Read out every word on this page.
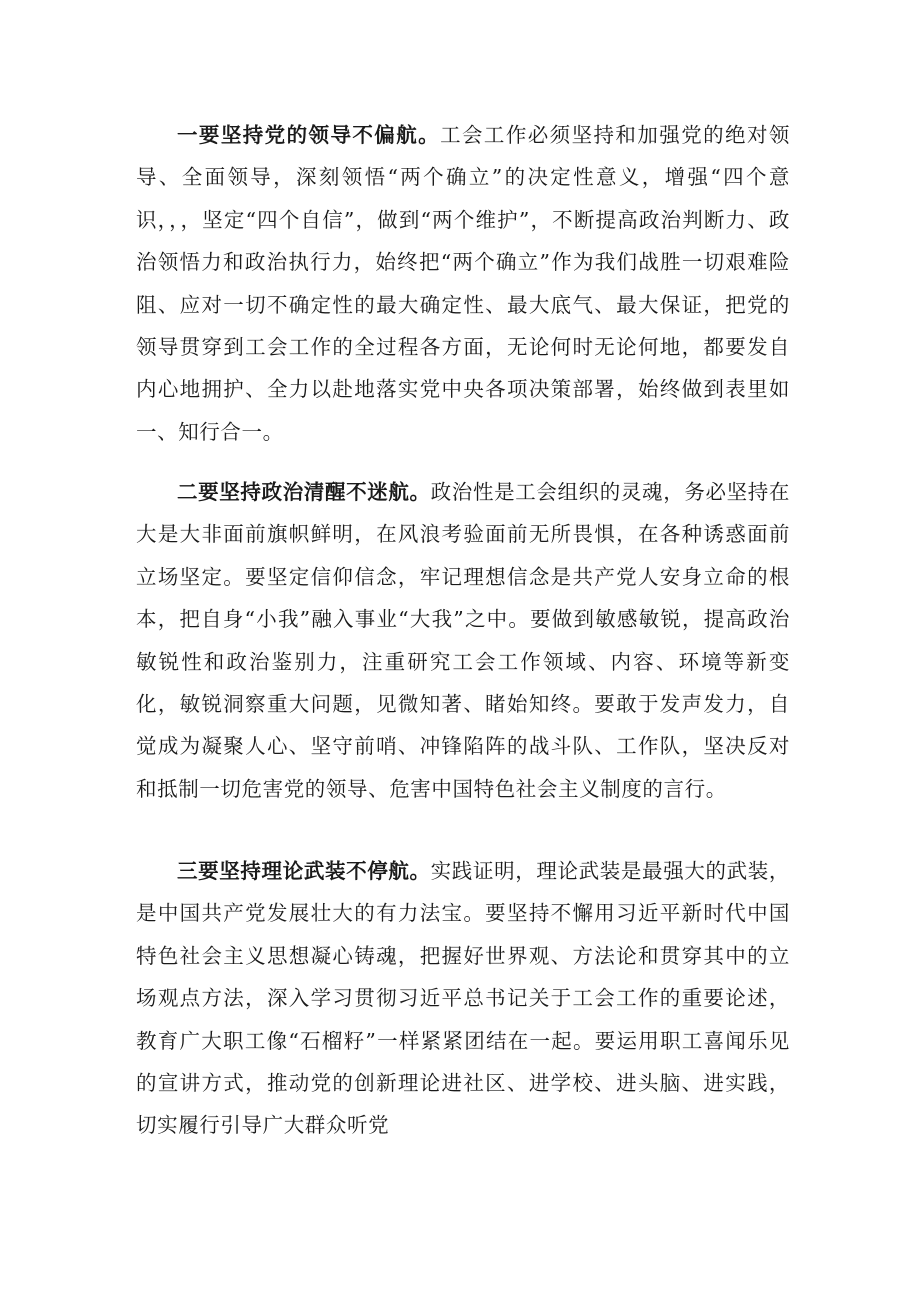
一要坚持党的领导不偏航。工会工作必须坚持和加强党的绝对领导、全面领导，深刻领悟“两个确立”的决定性意义，增强“四个意识，，，坚定“四个自信”，做到“两个维护”，不断提高政治判断力、政治领悟力和政治执行力，始终把“两个确立”作为我们战胜一切艰难险阻、应对一切不确定性的最大确定性、最大底气、最大保证，把党的领导贯穿到工会工作的全过程各方面，无论何时无论何地，都要发自内心地拥护、全力以赴地落实党中央各项决策部署，始终做到表里如一、知行合一。

二要坚持政治清醒不迷航。政治性是工会组织的灵魂，务必坚持在大是大非面前旗帜鲜明，在风浪考验面前无所畏惧，在各种诱惑面前立场坚定。要坚定信仰信念，牢记理想信念是共产党人安身立命的根本，把自身“小我”融入事业“大我”之中。要做到敏感敏锐，提高政治敏锐性和政治鉴别力，注重研究工会工作领域、内容、环境等新变化，敏锐洞察重大问题，见微知著、睹始知终。要敢于发声发力，自觉成为凝聚人心、坚守前哨、冲锋陷阵的战斗队、工作队，坚决反对和抵制一切危害党的领导、危害中国特色社会主义制度的言行。

三要坚持理论武装不停航。实践证明，理论武装是最强大的武装，是中国共产党发展壮大的有力法宝。要坚持不懈用习近平新时代中国特色社会主义思想凝心铸魂，把握好世界观、方法论和贯穿其中的立场观点方法，深入学习贯彻习近平总书记关于工会工作的重要论述，教育广大职工像“石榴籽”一样紧紧团结在一起。要运用职工喜闻乐见的宣讲方式，推动党的创新理论进社区、进学校、进头脑、进实践，切实履行引导广大群众听党
